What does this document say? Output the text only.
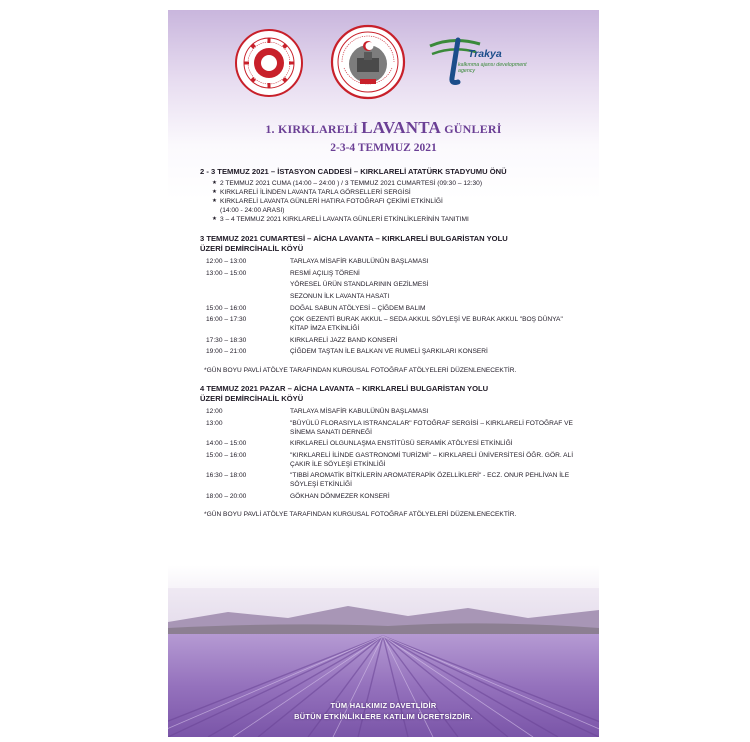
Trakya
kalkınma ajansı development agency
1. KIRKLARELİ LAVANTA GÜNLERİ
2-3-4 TEMMUZ 2021
2 - 3 TEMMUZ 2021 – İSTASYON CADDESİ – KIRKLARELİ ATATÜRK STADYUMU ÖNÜ
★ 2 TEMMUZ 2021 CUMA (14:00 – 24:00 ) / 3 TEMMUZ 2021 CUMARTESİ (09:30 – 12:30)
★ KIRKLARELİ İLİNDEN LAVANTA TARLA GÖRSELLERİ SERGİSİ
★ KIRKLARELİ LAVANTA GÜNLERİ HATIRA FOTOĞRAFI ÇEKİMİ ETKİNLİĞİ
(14:00 - 24:00 ARASI)
★ 3 – 4 TEMMUZ 2021 KIRKLARELİ LAVANTA GÜNLERİ ETKİNLİKLERİNİN TANITIMI
3 TEMMUZ 2021 CUMARTESİ – AİCHA LAVANTA – KIRKLARELİ BULGARİSTAN YOLU
ÜZERİ DEMİRCİHALİL KÖYÜ
12:00 – 13:00	TARLAYA MİSAFİR KABULÜNÜN BAŞLAMASI
13:00 – 15:00	RESMİ AÇILIŞ TÖRENİ
YÖRESEL ÜRÜN STANDLARININ GEZİLMESİ
SEZONUN İLK LAVANTA HASATI
15:00 – 16:00	DOĞAL SABUN ATÖLYESİ – ÇİĞDEM BALIM
16:00 – 17:30	ÇOK GEZENTİ BURAK AKKUL – SEDA AKKUL SÖYLEŞİ VE BURAK AKKUL "BOŞ DÜNYA" KİTAP İMZA ETKİNLİĞİ
17:30 – 18:30	KIRKLARELİ JAZZ BAND KONSERİ
19:00 – 21:00	ÇİĞDEM TAŞTAN İLE BALKAN VE RUMELİ ŞARKILARI KONSERİ
*GÜN BOYU PAVLİ ATÖLYE TARAFINDAN KURGUSAL FOTOĞRAF ATÖLYELERİ DÜZENLENECEKTİR.
4 TEMMUZ 2021 PAZAR – AİCHA LAVANTA – KIRKLARELİ BULGARİSTAN YOLU
ÜZERİ DEMİRCİHALİL KÖYÜ
12:00	TARLAYA MİSAFİR KABULÜNÜN BAŞLAMASI
13:00	"BÜYÜLÜ FLORASIYLA ISTRANCALAR" FOTOĞRAF SERGİSİ – KIRKLARELİ FOTOĞRAF VE SİNEMA SANATI DERNEĞİ
14:00 – 15:00	KIRKLARELİ OLGUNLAŞMA ENSTİTÜSÜ SERAMİK ATÖLYESİ ETKİNLİĞİ
15:00 – 16:00	"KIRKLARELİ İLİNDE GASTRONOMİ TURİZMİ" – KIRKLARELİ ÜNİVERSİTESİ ÖĞR. GÖR. ALİ ÇAKIR İLE SÖYLEŞİ ETKİNLİĞİ
16:30 – 18:00	"TIBBİ AROMATİK BİTKİLERİN AROMATERAPİK ÖZELLİKLERİ" - ECZ. ONUR PEHLİVAN İLE SÖYLEŞİ ETKİNLİĞİ
18:00 – 20:00	GÖKHAN DÖNMEZER KONSERİ
*GÜN BOYU PAVLİ ATÖLYE TARAFINDAN KURGUSAL FOTOĞRAF ATÖLYELERİ DÜZENLENECEKTİR.
TÜM HALKIMIZ DAVETLİDİR
BÜTÜN ETKİNLİKLERE KATILIM ÜCRETSİZDİR.
